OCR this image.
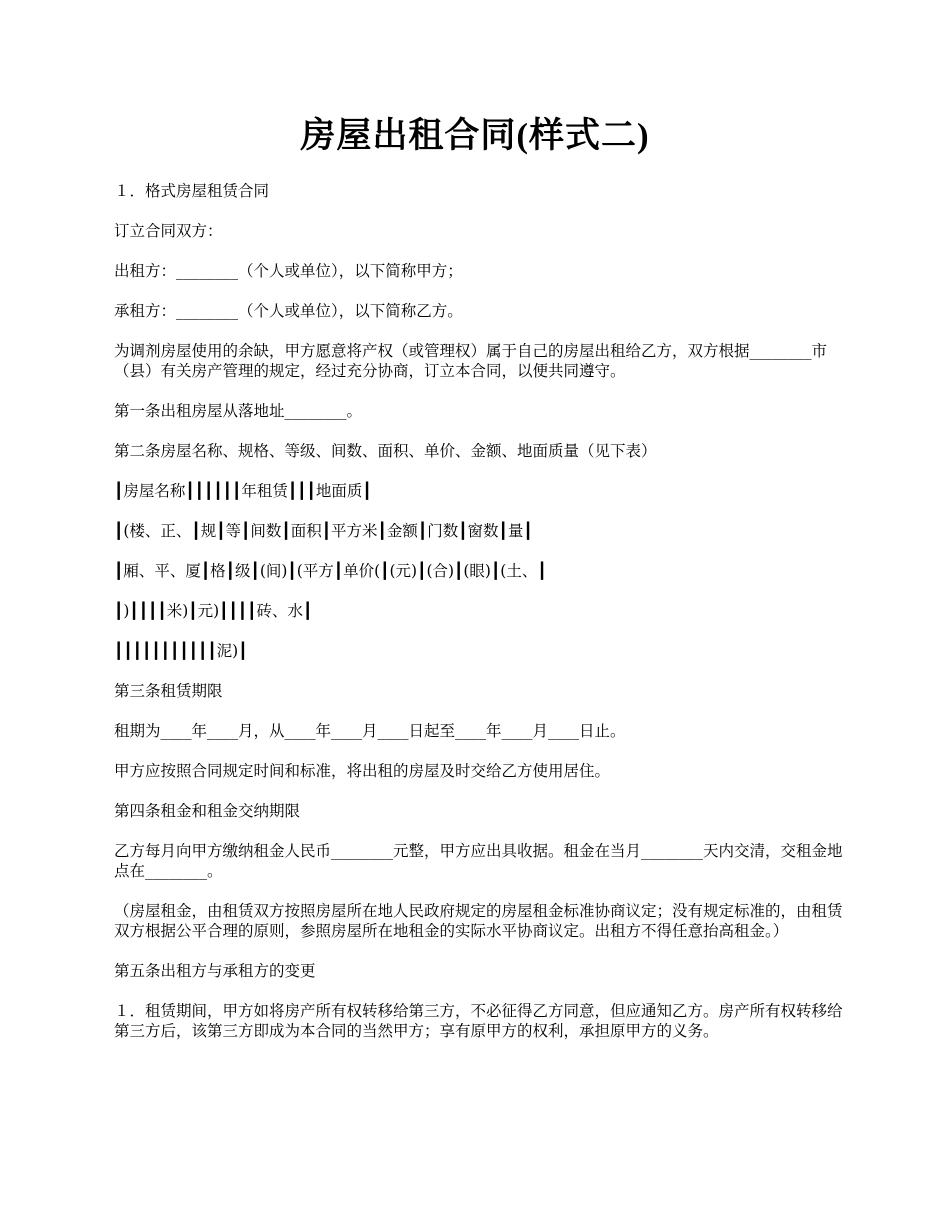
房屋出租合同(样式二)

１．格式房屋租赁合同

订立合同双方：

出租方：________（个人或单位），以下简称甲方；

承租方：________（个人或单位），以下简称乙方。

为调剂房屋使用的余缺，甲方愿意将产权（或管理权）属于自己的房屋出租给乙方，双方根据________市（县）有关房产管理的规定，经过充分协商，订立本合同，以便共同遵守。

第一条出租房屋从落地址________。

第二条房屋名称、规格、等级、间数、面积、单价、金额、地面质量（见下表）

┃房屋名称┃┃┃┃┃┃年租赁┃┃┃地面质┃

┃(楼、正、┃规┃等┃间数┃面积┃平方米┃金额┃门数┃窗数┃量┃

┃厢、平、厦┃格┃级┃(间)┃(平方┃单价(┃(元)┃(合)┃(眼)┃(土、┃

┃)┃┃┃┃米)┃元)┃┃┃┃砖、水┃

┃┃┃┃┃┃┃┃┃┃┃泥)┃

第三条租赁期限

租期为____年____月，从____年____月____日起至____年____月____日止。

甲方应按照合同规定时间和标准，将出租的房屋及时交给乙方使用居住。

第四条租金和租金交纳期限

乙方每月向甲方缴纳租金人民币________元整，甲方应出具收据。租金在当月________天内交清，交租金地点在________。

（房屋租金，由租赁双方按照房屋所在地人民政府规定的房屋租金标准协商议定；没有规定标准的，由租赁双方根据公平合理的原则，参照房屋所在地租金的实际水平协商议定。出租方不得任意抬高租金。）

第五条出租方与承租方的变更

１．租赁期间，甲方如将房产所有权转移给第三方，不必征得乙方同意，但应通知乙方。房产所有权转移给第三方后，该第三方即成为本合同的当然甲方；享有原甲方的权利，承担原甲方的义务。
